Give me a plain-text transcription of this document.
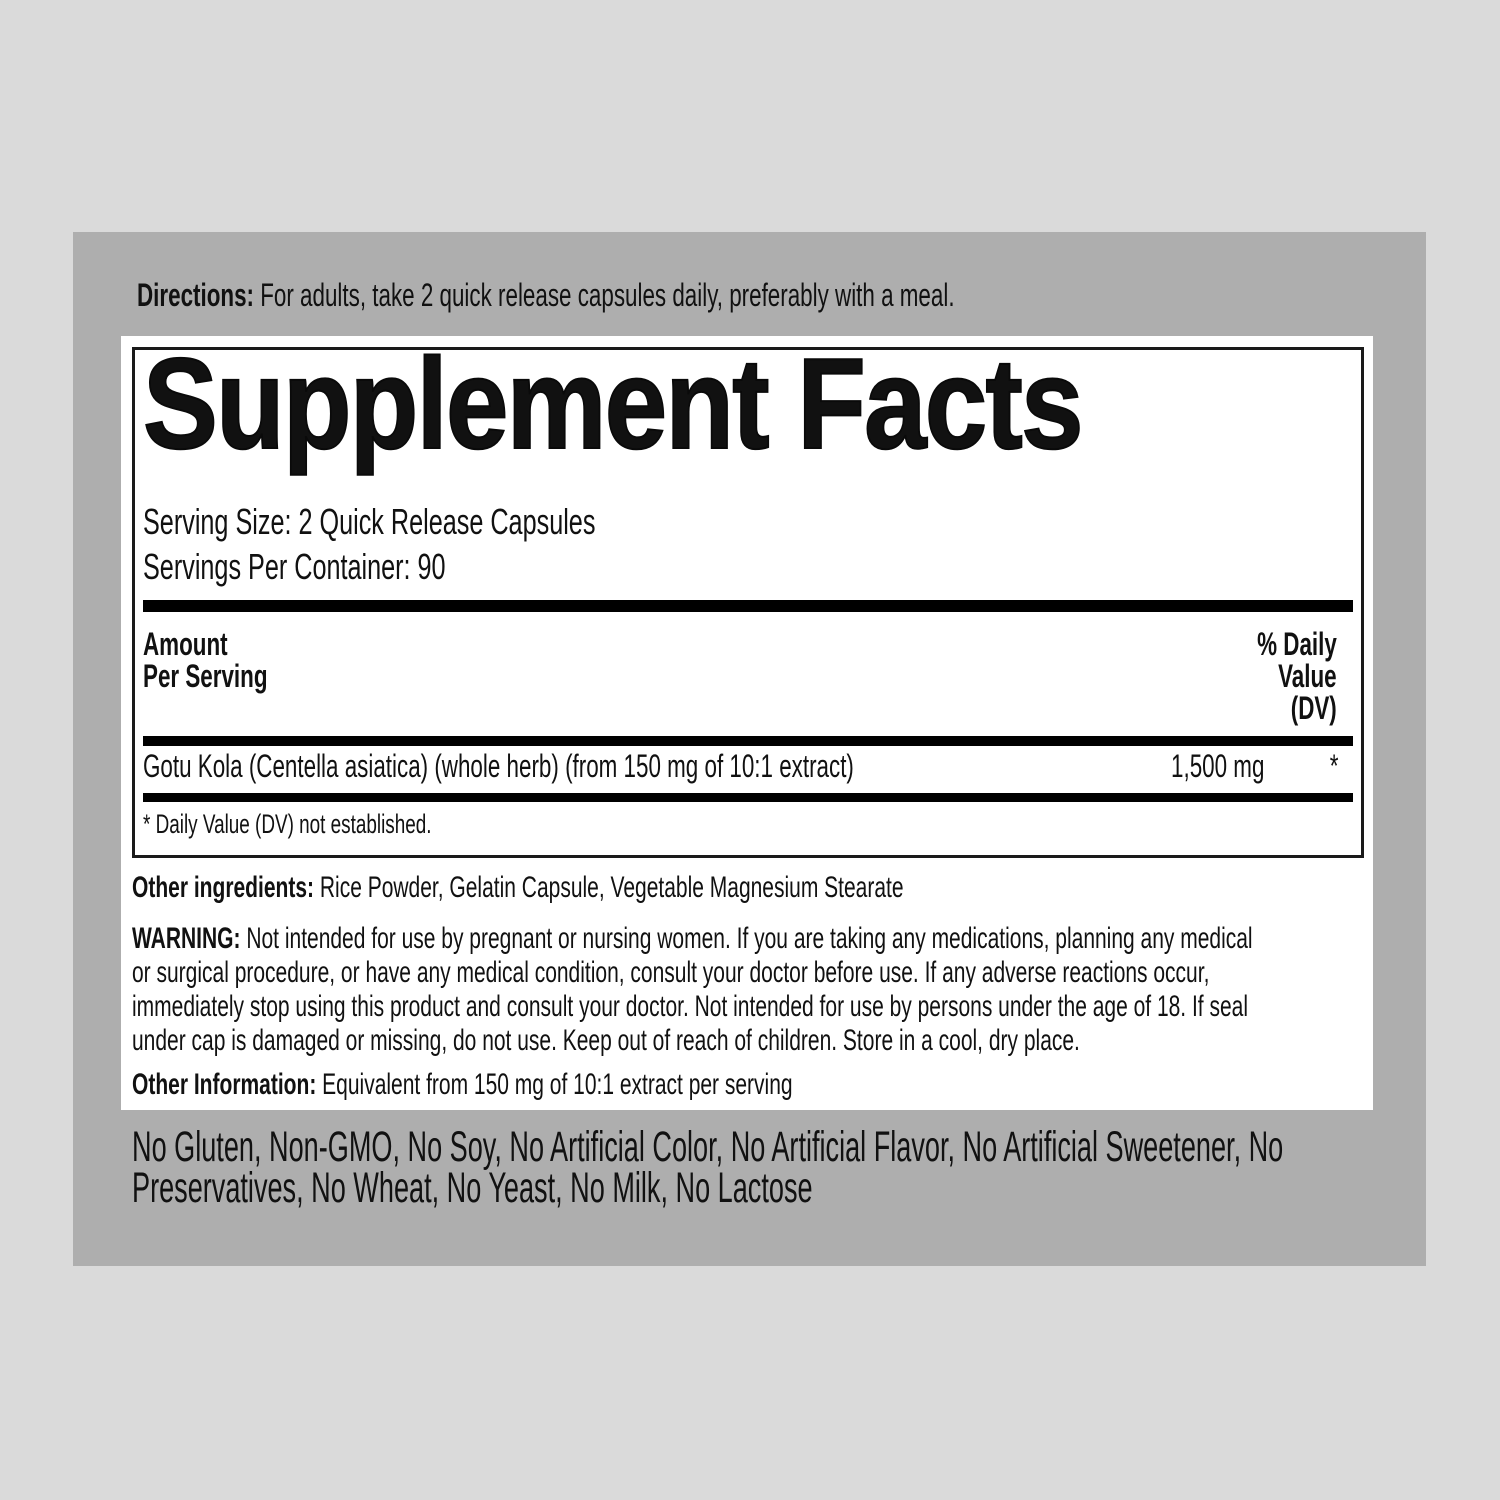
Directions: For adults, take 2 quick release capsules daily, preferably with a meal.
Supplement Facts
Serving Size: 2 Quick Release Capsules
Servings Per Container: 90
Amount
Per Serving
% Daily
Value
(DV)
Gotu Kola (Centella asiatica) (whole herb) (from 150 mg of 10:1 extract)	1,500 mg *
* Daily Value (DV) not established.
Other ingredients: Rice Powder, Gelatin Capsule, Vegetable Magnesium Stearate
WARNING: Not intended for use by pregnant or nursing women. If you are taking any medications, planning any medical
or surgical procedure, or have any medical condition, consult your doctor before use. If any adverse reactions occur,
immediately stop using this product and consult your doctor. Not intended for use by persons under the age of 18. If seal
under cap is damaged or missing, do not use. Keep out of reach of children. Store in a cool, dry place.
Other Information: Equivalent from 150 mg of 10:1 extract per serving
No Gluten, Non-GMO, No Soy, No Artificial Color, No Artificial Flavor, No Artificial Sweetener, No
Preservatives, No Wheat, No Yeast, No Milk, No Lactose
